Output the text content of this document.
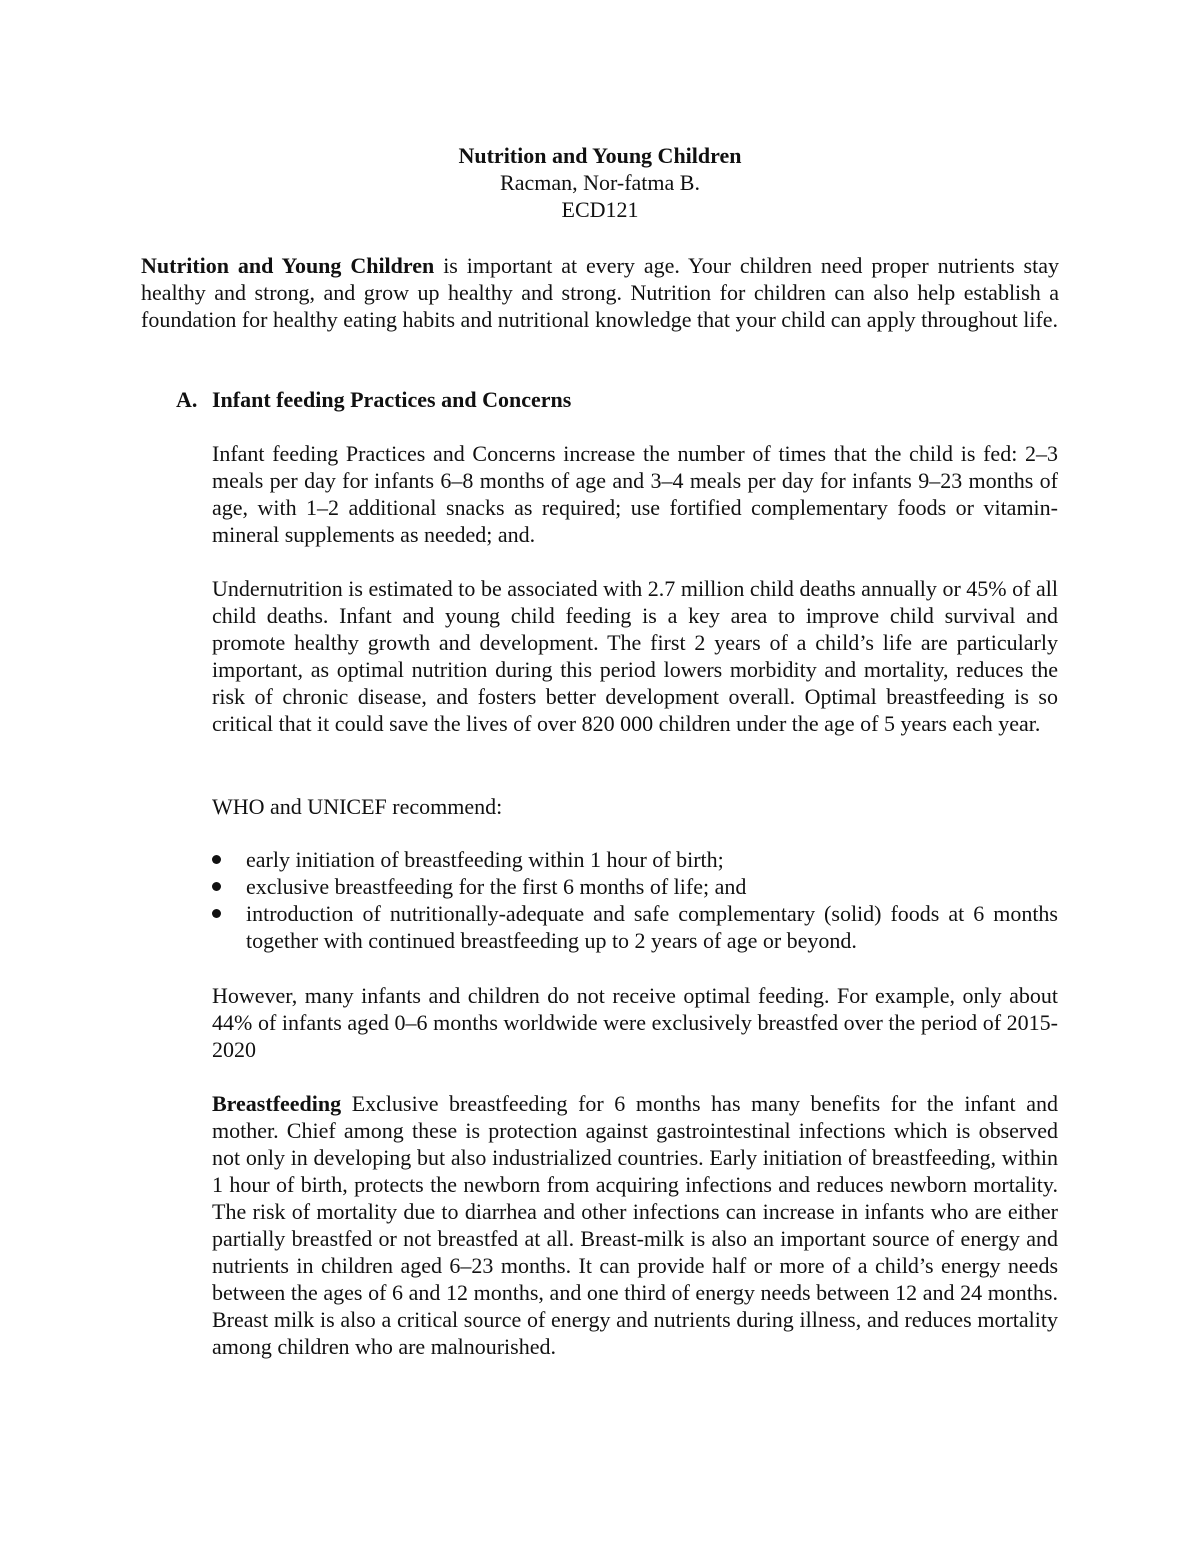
Nutrition and Young Children
Racman, Nor-fatma B.
ECD121

Nutrition and Young Children is important at every age. Your children need proper nutrients stay healthy and strong, and grow up healthy and strong. Nutrition for children can also help establish a foundation for healthy eating habits and nutritional knowledge that your child can apply throughout life.

A. Infant feeding Practices and Concerns

Infant feeding Practices and Concerns increase the number of times that the child is fed: 2–3 meals per day for infants 6–8 months of age and 3–4 meals per day for infants 9–23 months of age, with 1–2 additional snacks as required; use fortified complementary foods or vitamin-mineral supplements as needed; and.

Undernutrition is estimated to be associated with 2.7 million child deaths annually or 45% of all child deaths. Infant and young child feeding is a key area to improve child survival and promote healthy growth and development. The first 2 years of a child’s life are particularly important, as optimal nutrition during this period lowers morbidity and mortality, reduces the risk of chronic disease, and fosters better development overall. Optimal breastfeeding is so critical that it could save the lives of over 820 000 children under the age of 5 years each year.

WHO and UNICEF recommend:

early initiation of breastfeeding within 1 hour of birth;
exclusive breastfeeding for the first 6 months of life; and
introduction of nutritionally-adequate and safe complementary (solid) foods at 6 months together with continued breastfeeding up to 2 years of age or beyond.

However, many infants and children do not receive optimal feeding. For example, only about 44% of infants aged 0–6 months worldwide were exclusively breastfed over the period of 2015-2020

Breastfeeding Exclusive breastfeeding for 6 months has many benefits for the infant and mother. Chief among these is protection against gastrointestinal infections which is observed not only in developing but also industrialized countries. Early initiation of breastfeeding, within 1 hour of birth, protects the newborn from acquiring infections and reduces newborn mortality. The risk of mortality due to diarrhea and other infections can increase in infants who are either partially breastfed or not breastfed at all. Breast-milk is also an important source of energy and nutrients in children aged 6–23 months. It can provide half or more of a child’s energy needs between the ages of 6 and 12 months, and one third of energy needs between 12 and 24 months. Breast milk is also a critical source of energy and nutrients during illness, and reduces mortality among children who are malnourished.
